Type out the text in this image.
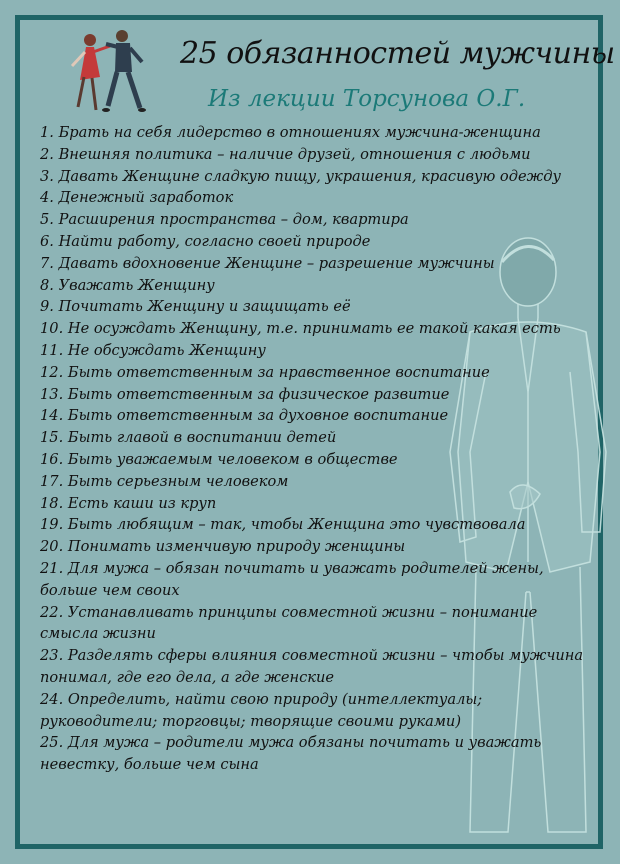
25 обязанностей мужчины
Из лекции Торсунова О.Г.
1. Брать на себя лидерство в отношениях мужчина-женщина
2. Внешняя политика – наличие друзей, отношения с людьми
3. Давать Женщине сладкую пищу, украшения, красивую одежду
4. Денежный заработок
5. Расширения пространства – дом, квартира
6. Найти работу, согласно своей природе
7. Давать вдохновение Женщине – разрешение мужчины
8. Уважать Женщину
9. Почитать Женщину и защищать её
10. Не осуждать Женщину, т.е. принимать ее такой какая есть
11. Не обсуждать Женщину
12. Быть ответственным за нравственное воспитание
13. Быть ответственным за физическое развитие
14. Быть ответственным за духовное воспитание
15. Быть главой в воспитании детей
16. Быть уважаемым человеком в обществе
17. Быть серьезным человеком
18. Есть каши из круп
19. Быть любящим – так, чтобы Женщина это чувствовала
20. Понимать изменчивую природу женщины
21. Для мужа – обязан почитать и уважать родителей жены, больше чем своих
22. Устанавливать принципы совместной жизни – понимание смысла жизни
23. Разделять сферы влияния совместной жизни – чтобы мужчина понимал, где его дела, а где женские
24. Определить, найти свою природу (интеллектуалы; руководители; торговцы; творящие своими руками)
25. Для мужа – родители мужа обязаны почитать и уважать невестку, больше чем сына
